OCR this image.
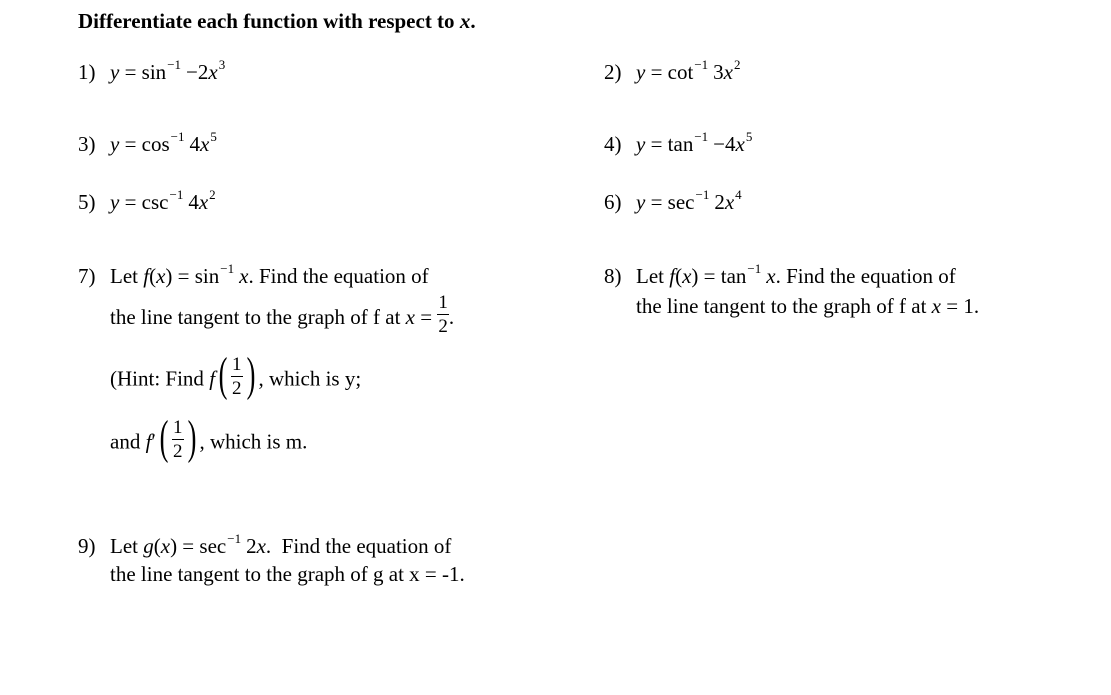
Differentiate each function with respect to x.
1) $y = \sin^{-1} -2x^3$	2) $y = \cot^{-1} 3x^2$
3) $y = \cos^{-1} 4x^5$	4) $y = \tan^{-1} -4x^5$
5) $y = \csc^{-1} 4x^2$	6) $y = \sec^{-1} 2x^4$
7) Let $f(x) = \sin^{-1} x$. Find the equation of
the line tangent to the graph of f at $x = \frac{1}{2}$ .
(Hint: Find $f( \frac{1}{2}$ ) , which is y;
and $f'( \frac{1}{2}$ ) , which is m.
8) Let $f(x) = \tan^{-1} x$. Find the equation of
the line tangent to the graph of f at x = 1.
9) Let $g(x) = \sec^{-1} 2x$.  Find the equation of
the line tangent to the graph of g at x = -1.
